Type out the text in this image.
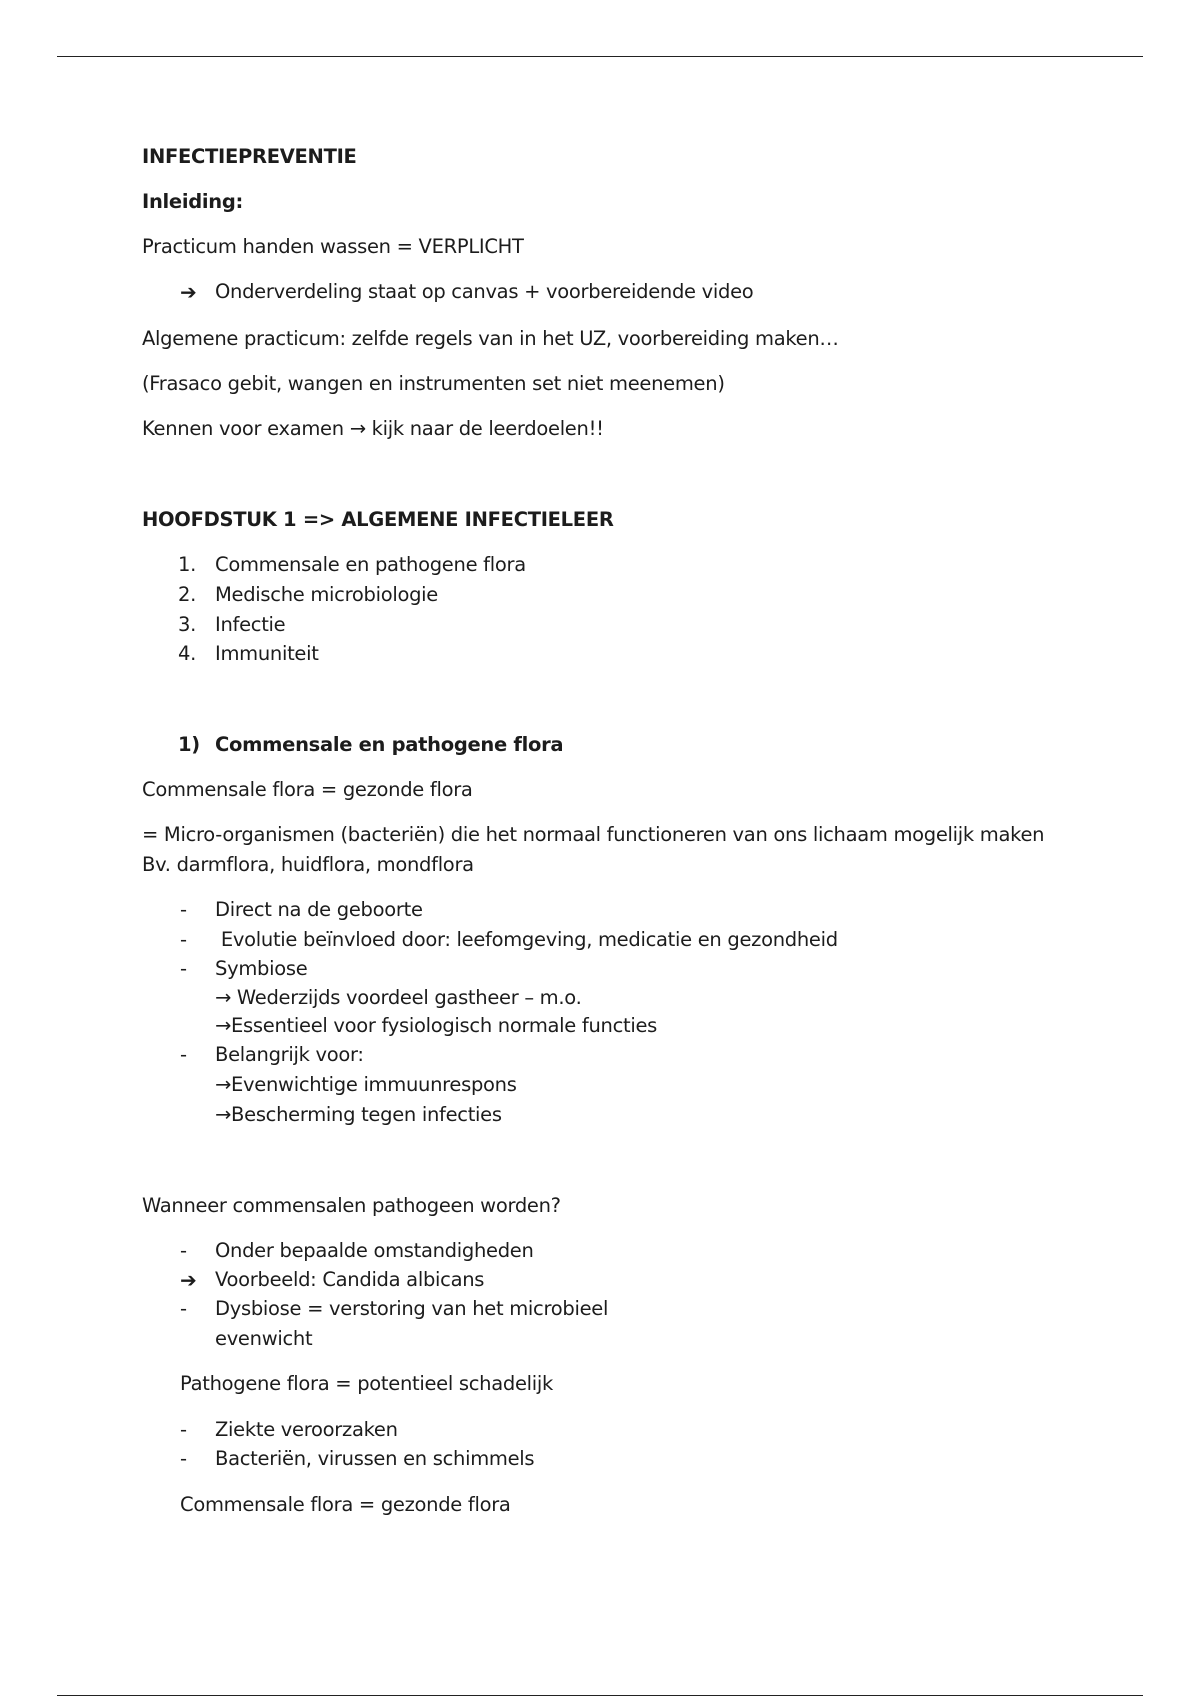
INFECTIEPREVENTIE
Inleiding:
Practicum handen wassen = VERPLICHT
➔ Onderverdeling staat op canvas + voorbereidende video
Algemene practicum: zelfde regels van in het UZ, voorbereiding maken…
(Frasaco gebit, wangen en instrumenten set niet meenemen)
Kennen voor examen → kijk naar de leerdoelen!!
HOOFDSTUK 1 => ALGEMENE INFECTIELEER
1. Commensale en pathogene flora
2. Medische microbiologie
3. Infectie
4. Immuniteit
1) Commensale en pathogene flora
Commensale flora = gezonde flora
= Micro-organismen (bacteriën) die het normaal functioneren van ons lichaam mogelijk maken
Bv. darmflora, huidflora, mondflora
- Direct na de geboorte
- Evolutie beïnvloed door: leefomgeving, medicatie en gezondheid
- Symbiose
→ Wederzijds voordeel gastheer – m.o.
→Essentieel voor fysiologisch normale functies
- Belangrijk voor:
→Evenwichtige immuunrespons
→Bescherming tegen infecties
Wanneer commensalen pathogeen worden?
- Onder bepaalde omstandigheden
➔ Voorbeeld: Candida albicans
- Dysbiose = verstoring van het microbieel
evenwicht
Pathogene flora = potentieel schadelijk
- Ziekte veroorzaken
- Bacteriën, virussen en schimmels
Commensale flora = gezonde flora
